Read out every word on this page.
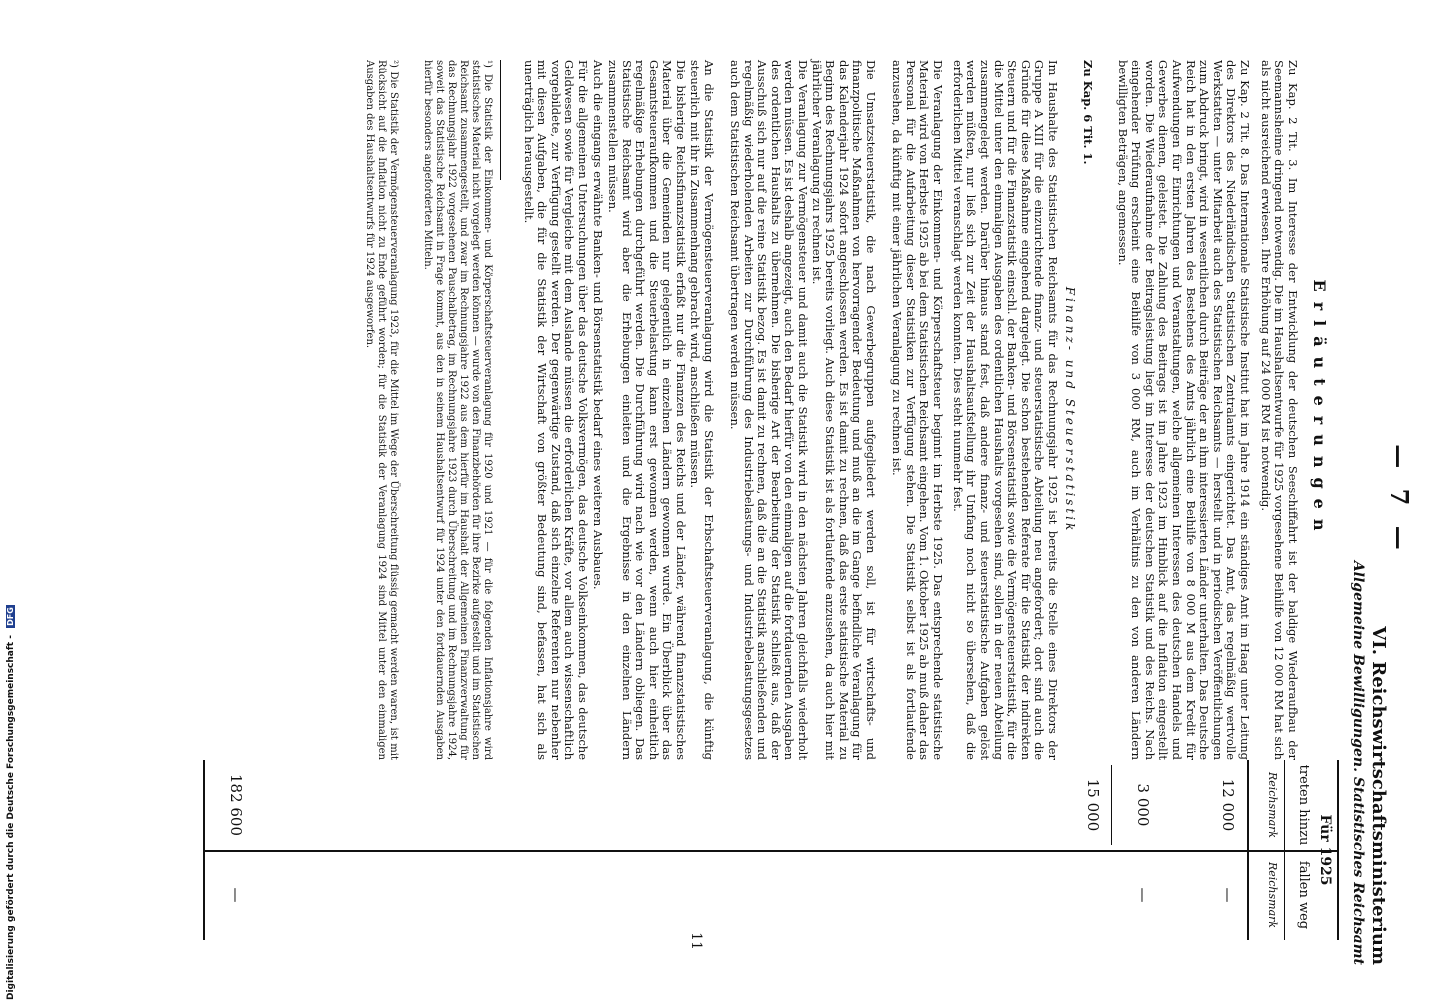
— 7 —
VI. Reichswirtschaftsministerium
Allgemeine Bewilligungen. Statistisches Reichsamt
Für 1925
treten hinzu
Reichsmark
12 000
3 000
15 000
182 600
fallen weg
Reichsmark
—
—
—
Erläuterungen
Zu Kap. 2 Tit. 3. Im Interesse der Entwicklung der deutschen Seeschiffahrt ist der baldige Wiederaufbau der Seemannsheime dringend notwendig. Die im Haushaltsentwurfe für 1925 vorgesehene Beihilfe von 12 000 RM hat sich als nicht ausreichend erwiesen. Ihre Erhöhung auf 24 000 RM ist notwendig.
Zu Kap. 2 Tit. 8. Das Internationale Statistische Institut hat im Jahre 1914 ein ständiges Amt im Haag unter Leitung des Direktors des Niederländischen Statistischen Zentralamts eingerichtet. Das Amt, das regelmäßig wertvolle Werkstatten — unter Mitarbeit auch des Statistischen Reichsamts — herstellt und in periodischen Veröffentlichungen zum Abdruck bringt, wird in wesentlichen durch Beiträge der an ihm interessierten Länder unterhalten. Das Deutsche Reich hat in den ersten Jahren des Bestehens des Amts jährlich eine Beihilfe von 8 000 M aus dem Kredit für Aufwendungen für Einrichtungen und Veranstaltungen, welche allgemeinen Interessen des deutschen Handels und Gewerbes dienen, geleistet. Die Zahlung des Beitrags ist im Jahre 1923 im Hinblick auf die Inflation eingestellt worden. Die Wiederaufnahme der Beitragsleistung liegt im Interesse der deutschen Statistik und des Reichs. Nach eingehender Prüfung erscheint eine Beihilfe von 3 000 RM, auch im Verhältnis zu den von anderen Ländern bewilligten Beträgen, angemessen.
Zu Kap. 6 Tit. 1.
Finanz- und Steuerstatistik
Im Haushalte des Statistischen Reichsamts für das Rechnungsjahr 1925 ist bereits die Stelle eines Direktors der Gruppe A XIII für die einzurichtende finanz- und steuerstatistische Abteilung neu angefordert; dort sind auch die Gründe für diese Maßnahme eingehend dargelegt. Die schon bestehenden Referate für die Statistik der indirekten Steuern und für die Finanzstatistik einschl. der Banken- und Börsenstatistik sowie die Vermögensteuerstatistik, für die die Mittel unter den einmaligen Ausgaben des ordentlichen Haushalts vorgesehen sind, sollen in der neuen Abteilung zusammengelegt werden. Darüber hinaus stand fest, daß andere finanz- und steuerstatistische Aufgaben gelöst werden müßten, nur ließ sich zur Zeit der Haushaltsaufstellung ihr Umfang noch nicht so übersehen, daß die erforderlichen Mittel veranschlagt werden konnten. Dies steht nunmehr fest.
Die Veranlagung der Einkommen- und Körperschaftsteuer beginnt im Herbste 1925. Das entsprechende statistische Material wird von Herbste 1925 ab bei dem Statistischen Reichsamt eingehen. Vom 1. Oktober 1925 ab muß daher das Personal für die Aufarbeitung dieser Statistiken zur Verfügung stehen. Die Statistik selbst ist als fortlaufende anzusehen, da künftig mit einer jährlichen Veranlagung zu rechnen ist.
Die Umsatzsteuerstatistik, die nach Gewerbegruppen aufgegliedert werden soll, ist für wirtschafts- und finanzpolitische Maßnahmen von hervorragender Bedeutung und muß an die im Gange befindliche Veranlagung für das Kalenderjahr 1924 sofort angeschlossen werden. Es ist damit zu rechnen, daß das erste statistische Material zu Beginn des Rechnungsjahrs 1925 bereits vorliegt. Auch diese Statistik ist als fortlaufende anzusehen, da auch hier mit jährlicher Veranlagung zu rechnen ist.
Die Veranlagung zur Vermögensteuer und damit auch die Statistik wird in den nächsten Jahren gleichfalls wiederholt werden müssen. Es ist deshalb angezeigt, auch den Bedarf hierfür von den einmaligen auf die fortdauernden Ausgaben des ordentlichen Haushalts zu übernehmen. Die bisherige Art der Bearbeitung der Statistik schließt aus, daß der Ausschuß sich nur auf die reine Statistik bezog. Es ist damit zu rechnen, daß die an die Statistik anschließenden und regelmäßig wiederholenden Arbeiten zur Durchführung des Industriebelastungs- und Industriebelastungsgesetzes auch dem Statistischen Reichsamt übertragen werden müssen.
An die Statistik der Vermögensteuerveranlagung wird die Statistik der Erbschaftsteuerveranlagung, die künftig steuerlich mit ihr in Zusammenhang gebracht wird, anschließen müssen.
Die bisherige Reichsfinanzstatistik erfaßt nur die Finanzen des Reichs und der Länder, während finanzstatistisches Material über die Gemeinden nur gelegentlich in einzelnen Ländern gewonnen wurde. Ein Überblick über das Gesamtsteueraufkommen und die Steuerbelastung kann erst gewonnen werden, wenn auch hier einheitlich regelmäßige Erhebungen durchgeführt werden. Die Durchführung wird nach wie vor den Ländern obliegen. Das Statistische Reichsamt wird aber die Erhebungen einleiten und die Ergebnisse in den einzelnen Ländern zusammenstellen müssen.
Auch die eingangs erwähnte Banken- und Börsenstatistik bedarf eines weiteren Ausbaues.
Für die allgemeinen Untersuchungen über das deutsche Volksvermögen, das deutsche Volkseinkommen, das deutsche Geldwesen sowie für Vergleiche mit dem Auslande müssen die erforderlichen Kräfte, vor allem auch wissenschaftlich vorgebildete, zur Verfügung gestellt werden. Der gegenwärtige Zustand, daß sich einzelne Referenten nur nebenher mit diesen Aufgaben, die für die Statistik der Wirtschaft von größter Bedeutung sind, befassen, hat sich als unerträglich herausgestellt.
¹) Die Statistik der Einkommen- und Körperschaftsteuerveranlagung für 1920 und 1921 — für die folgenden Inflationsjahre wird statistisches Material nicht vorgelegt werden können — wurde von den Finanzbehörden für ihre Bezirke aufgestellt und im Statistischen Reichsamt zusammengestellt, und zwar im Rechnungsjahre 1922 aus dem hierfür im Haushalt der Allgemeinen Finanzverwaltung für das Rechnungsjahr 1922 vorgesehenen Pauschalbetrag, im Rechnungsjahre 1923 durch Überschreitung und im Rechnungsjahre 1924, soweit das Statistische Reichsamt in Frage kommt, aus den in seinem Haushaltsentwurf für 1924 unter den fortdauernden Ausgaben hierfür besonders angeforderten Mitteln.
²) Die Statistik der Vermögensteuerveranlagung 1923, für die Mittel im Wege der Überschreitung flüssig gemacht werden waren, ist mit Rücksicht auf die Inflation nicht zu Ende geführt worden; für die Statistik der Veranlagung 1924 sind Mittel unter den einmaligen Ausgaben des Haushaltsentwurfs für 1924 ausgeworfen.
11
Digitalisierung gefördert durch die Deutsche Forschungsgemeinschaft - DFG
